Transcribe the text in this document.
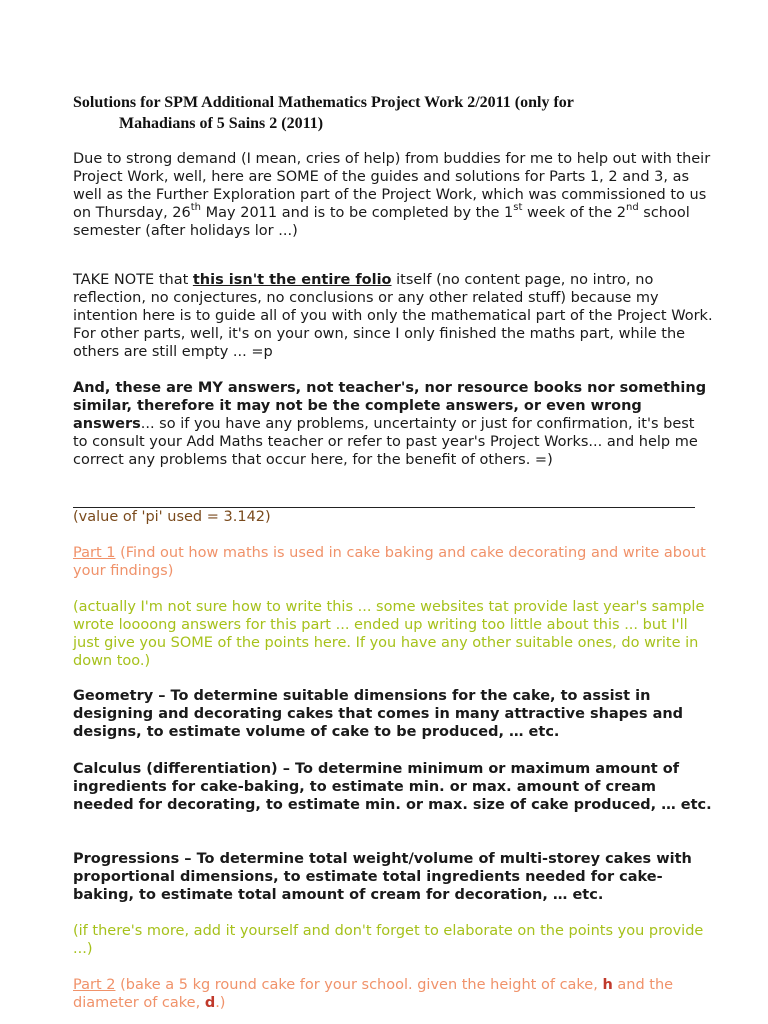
Solutions for SPM Additional Mathematics Project Work 2/2011 (only for
Mahadians of 5 Sains 2 (2011)

Due to strong demand (I mean, cries of help) from buddies for me to help out with their Project Work, well, here are SOME of the guides and solutions for Parts 1, 2 and 3, as well as the Further Exploration part of the Project Work, which was commissioned to us on Thursday, 26th May 2011 and is to be completed by the 1st week of the 2nd school semester (after holidays lor ...)

TAKE NOTE that this isn't the entire folio itself (no content page, no intro, no reflection, no conjectures, no conclusions or any other related stuff) because my intention here is to guide all of you with only the mathematical part of the Project Work. For other parts, well, it's on your own, since I only finished the maths part, while the others are still empty ... =p

And, these are MY answers, not teacher's, nor resource books nor something similar, therefore it may not be the complete answers, or even wrong answers... so if you have any problems, uncertainty or just for confirmation, it's best to consult your Add Maths teacher or refer to past year's Project Works... and help me correct any problems that occur here, for the benefit of others. =)

(value of 'pi' used = 3.142)

Part 1 (Find out how maths is used in cake baking and cake decorating and write about your findings)

(actually I'm not sure how to write this ... some websites tat provide last year's sample wrote loooong answers for this part ... ended up writing too little about this ... but I'll just give you SOME of the points here. If you have any other suitable ones, do write in down too.)
Geometry – To determine suitable dimensions for the cake, to assist in designing and decorating cakes that comes in many attractive shapes and designs, to estimate volume of cake to be produced, … etc.
Calculus (differentiation) – To determine minimum or maximum amount of ingredients for cake-baking, to estimate min. or max. amount of cream needed for decorating, to estimate min. or max. size of cake produced, … etc.
Progressions – To determine total weight/volume of multi-storey cakes with proportional dimensions, to estimate total ingredients needed for cake-baking, to estimate total amount of cream for decoration, … etc.
(if there's more, add it yourself and don't forget to elaborate on the points you provide ...)

Part 2 (bake a 5 kg round cake for your school. given the height of cake, h and the diameter of cake, d.)
